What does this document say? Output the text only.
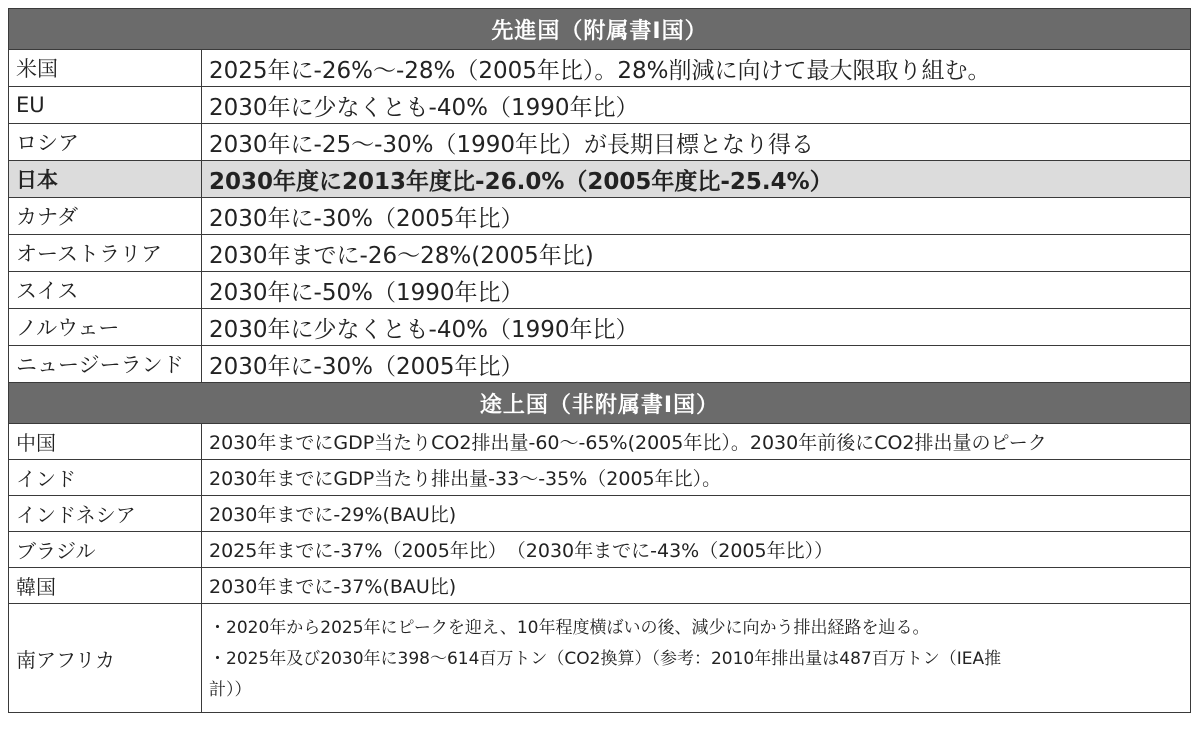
先進国（附属書Ⅰ国）	
米国	2025年に-26%〜-28%（2005年比）。28%削減に向けて最大限取り組む。
EU	2030年に少なくとも-40%（1990年比）
ロシア	2030年に-25〜-30%（1990年比）が長期目標となり得る
日本	2030年度に2013年度比-26.0%（2005年度比-25.4%）
カナダ	2030年に-30%（2005年比）
オーストラリア	2030年までに-26〜28%(2005年比)
スイス	2030年に-50%（1990年比）
ノルウェー	2030年に少なくとも-40%（1990年比）
ニュージーランド	2030年に-30%（2005年比）
途上国（非附属書Ⅰ国）	
中国	2030年までにGDP当たりCO2排出量-60〜-65%(2005年比）。2030年前後にCO2排出量のピーク
インド	2030年までにGDP当たり排出量-33〜-35%（2005年比）。
インドネシア	2030年までに-29%(BAU比)
ブラジル	2025年までに-37%（2005年比）　（2030年までに-43%（2005年比））
韓国	2030年までに-37%(BAU比)
南アフリカ	・2020年から2025年にピークを迎え、10年程度横ばいの後、減少に向かう排出経路を辿る。
・2025年及び2030年に398〜614百万トン（CO2換算）（参考：2010年排出量は487百万トン（IEA推
計））
